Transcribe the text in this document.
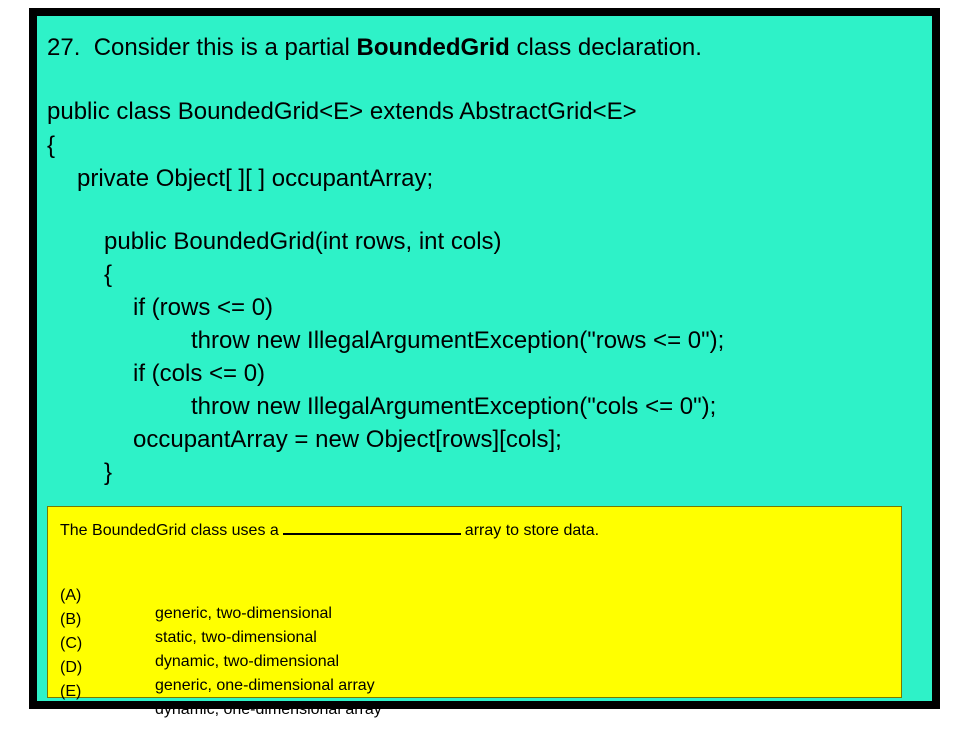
27. Consider this is a partial BoundedGrid class declaration.
public class BoundedGrid<E> extends AbstractGrid<E>
{
private Object[ ][ ] occupantArray;
public BoundedGrid(int rows, int cols)
{
if (rows <= 0)
throw new IllegalArgumentException("rows <= 0");
if (cols <= 0)
throw new IllegalArgumentException("cols <= 0");
occupantArray = new Object[rows][cols];
}
The BoundedGrid class uses a	array to store data.

(A)

generic, two-dimensional

(B)

static, two-dimensional

(C)

dynamic, two-dimensional

(D)

generic, one-dimensional array

(E)

dynamic, one-dimensional array
